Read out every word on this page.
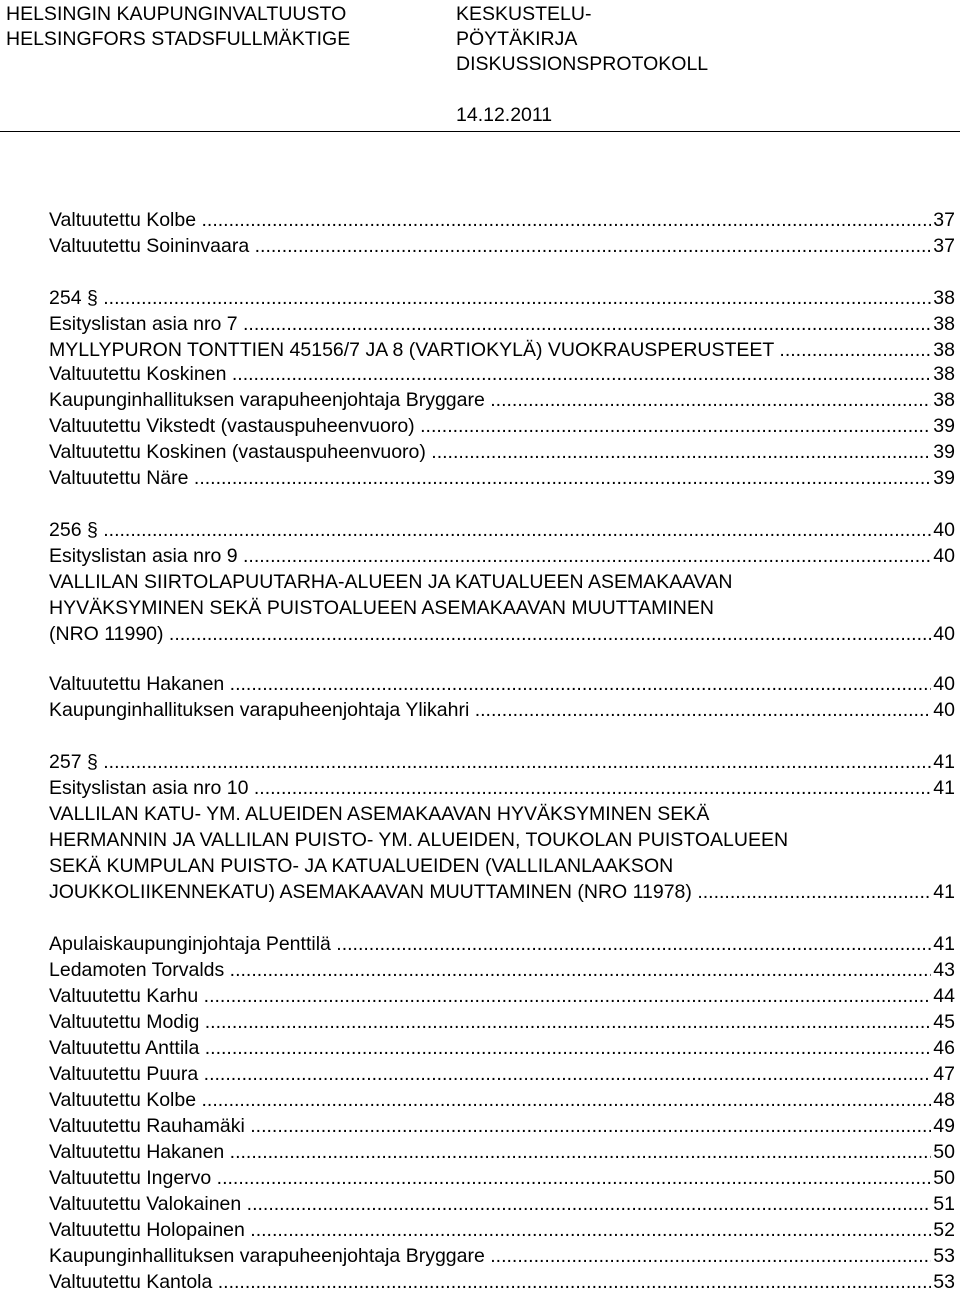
HELSINGIN KAUPUNGINVALTUUSTO
HELSINGFORS STADSFULLMÄKTIGE
KESKUSTELU-
PÖYTÄKIRJA
DISKUSSIONSPROTOKOLL
14.12.2011
Valtuutettu Kolbe .....	37
Valtuutettu Soininvaara .....	37
254 § .....	38
Esityslistan asia nro 7 .....	38
MYLLYPURON TONTTIEN 45156/7 JA 8 (VARTIOKYLÄ) VUOKRAUSPERUSTEET .....	38
Valtuutettu Koskinen .....	38
Kaupunginhallituksen varapuheenjohtaja Bryggare .....	38
Valtuutettu Vikstedt (vastauspuheenvuoro) .....	39
Valtuutettu Koskinen (vastauspuheenvuoro) .....	39
Valtuutettu Näre .....	39
256 § .....	40
Esityslistan asia nro 9 .....	40
VALLILAN SIIRTOLAPUUTARHA-ALUEEN JA KATUALUEEN ASEMAKAAVAN
HYVÄKSYMINEN SEKÄ PUISTOALUEEN ASEMAKAAVAN MUUTTAMINEN
(NRO 11990) .....	40
Valtuutettu Hakanen .....	40
Kaupunginhallituksen varapuheenjohtaja Ylikahri .....	40
257 § .....	41
Esityslistan asia nro 10 .....	41
VALLILAN KATU- YM. ALUEIDEN ASEMAKAAVAN HYVÄKSYMINEN SEKÄ
HERMANNIN JA VALLILAN PUISTO- YM. ALUEIDEN, TOUKOLAN PUISTOALUEEN
SEKÄ KUMPULAN PUISTO- JA KATUALUEIDEN (VALLILANLAAKSON
JOUKKOLIIKENNEKATU) ASEMAKAAVAN MUUTTAMINEN (NRO 11978) .....	41
Apulaiskaupunginjohtaja Penttilä .....	41
Ledamoten Torvalds .....	43
Valtuutettu Karhu .....	44
Valtuutettu Modig .....	45
Valtuutettu Anttila .....	46
Valtuutettu Puura .....	47
Valtuutettu Kolbe .....	48
Valtuutettu Rauhamäki .....	49
Valtuutettu Hakanen .....	50
Valtuutettu Ingervo .....	50
Valtuutettu Valokainen .....	51
Valtuutettu Holopainen .....	52
Kaupunginhallituksen varapuheenjohtaja Bryggare .....	53
Valtuutettu Kantola .....	53
